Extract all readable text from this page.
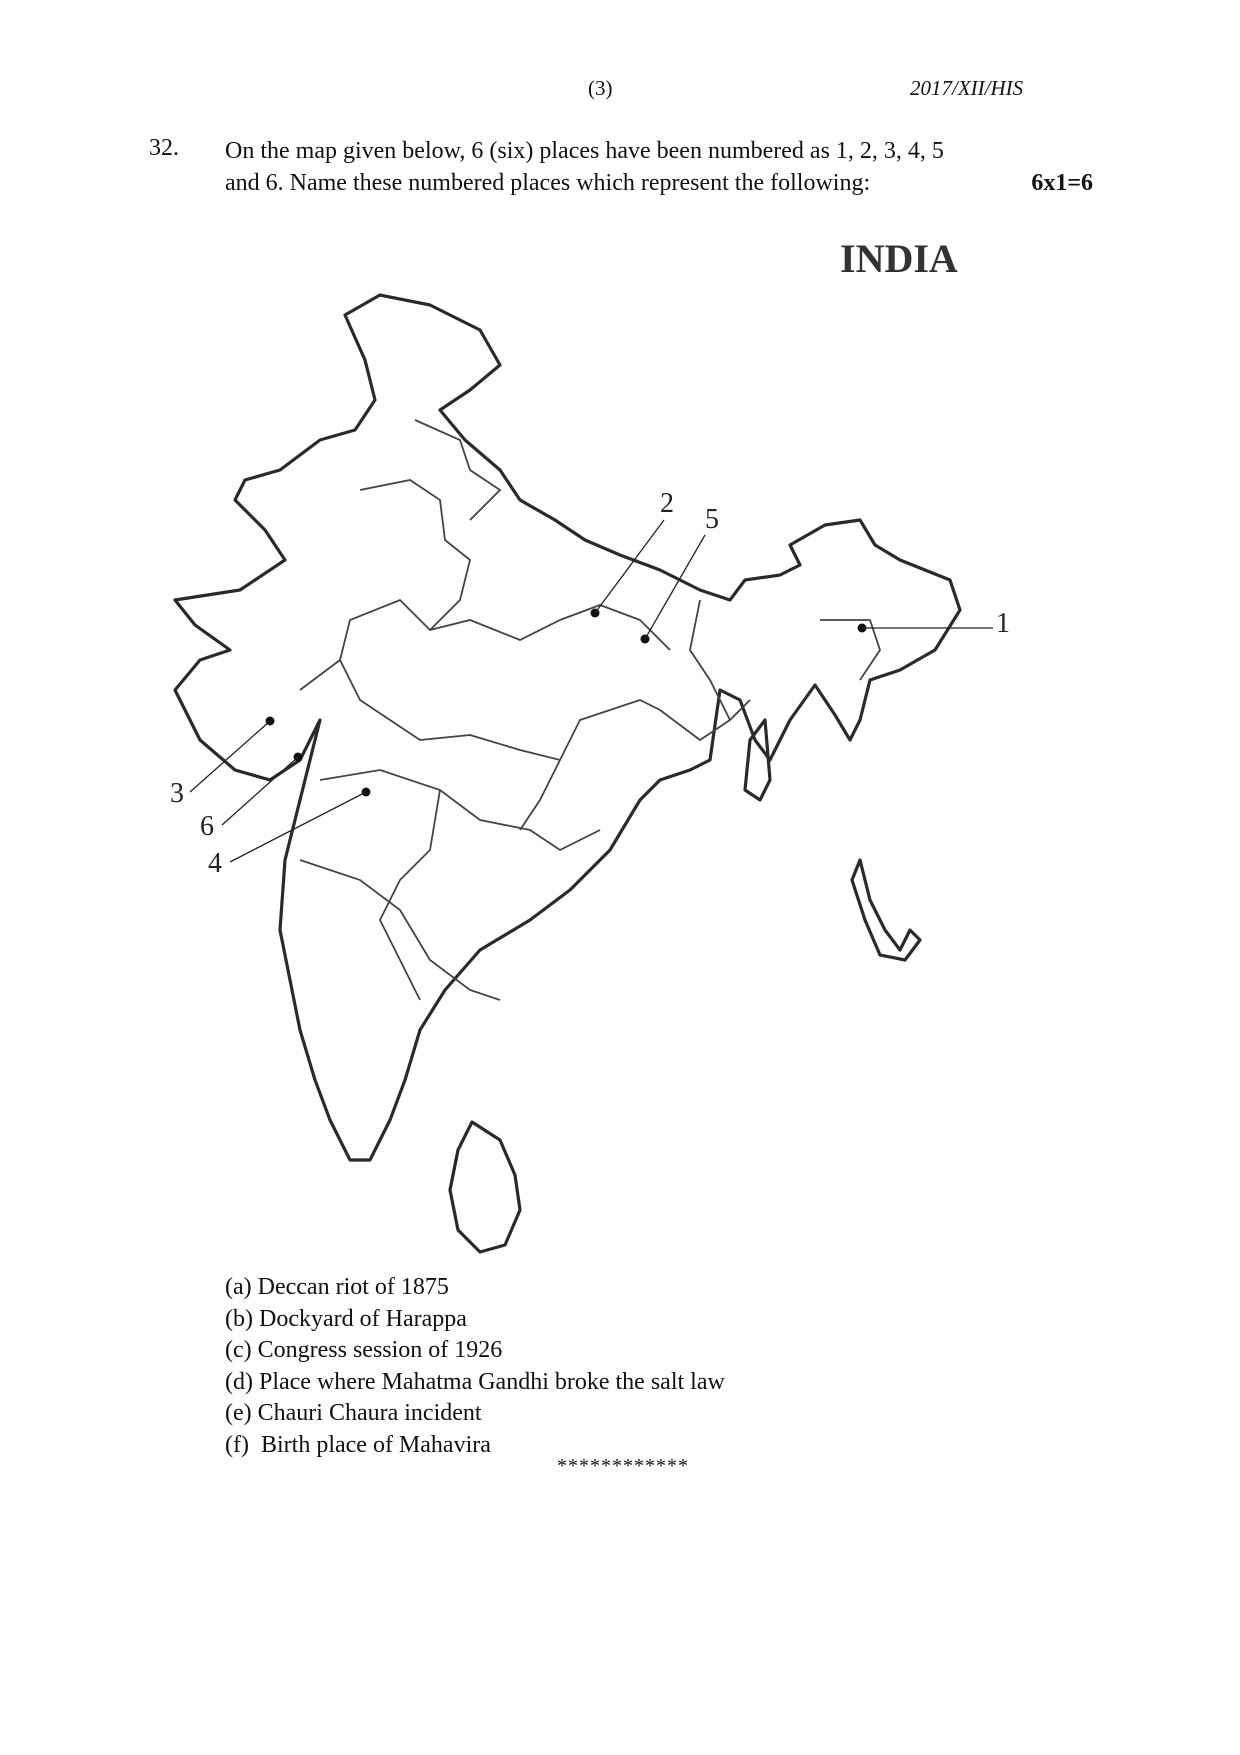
(3)	2017/XII/HIS
32. On the map given below, 6 (six) places have been numbered as 1, 2, 3, 4, 5
and 6. Name these numbered places which represent the following:	6x1=6
INDIA
2
5
1
3
6
4
(a) Deccan riot of 1875
(b) Dockyard of Harappa
(c) Congress session of 1926
(d) Place where Mahatma Gandhi broke the salt law
(e) Chauri Chaura incident
(f)  Birth place of Mahavira
************
